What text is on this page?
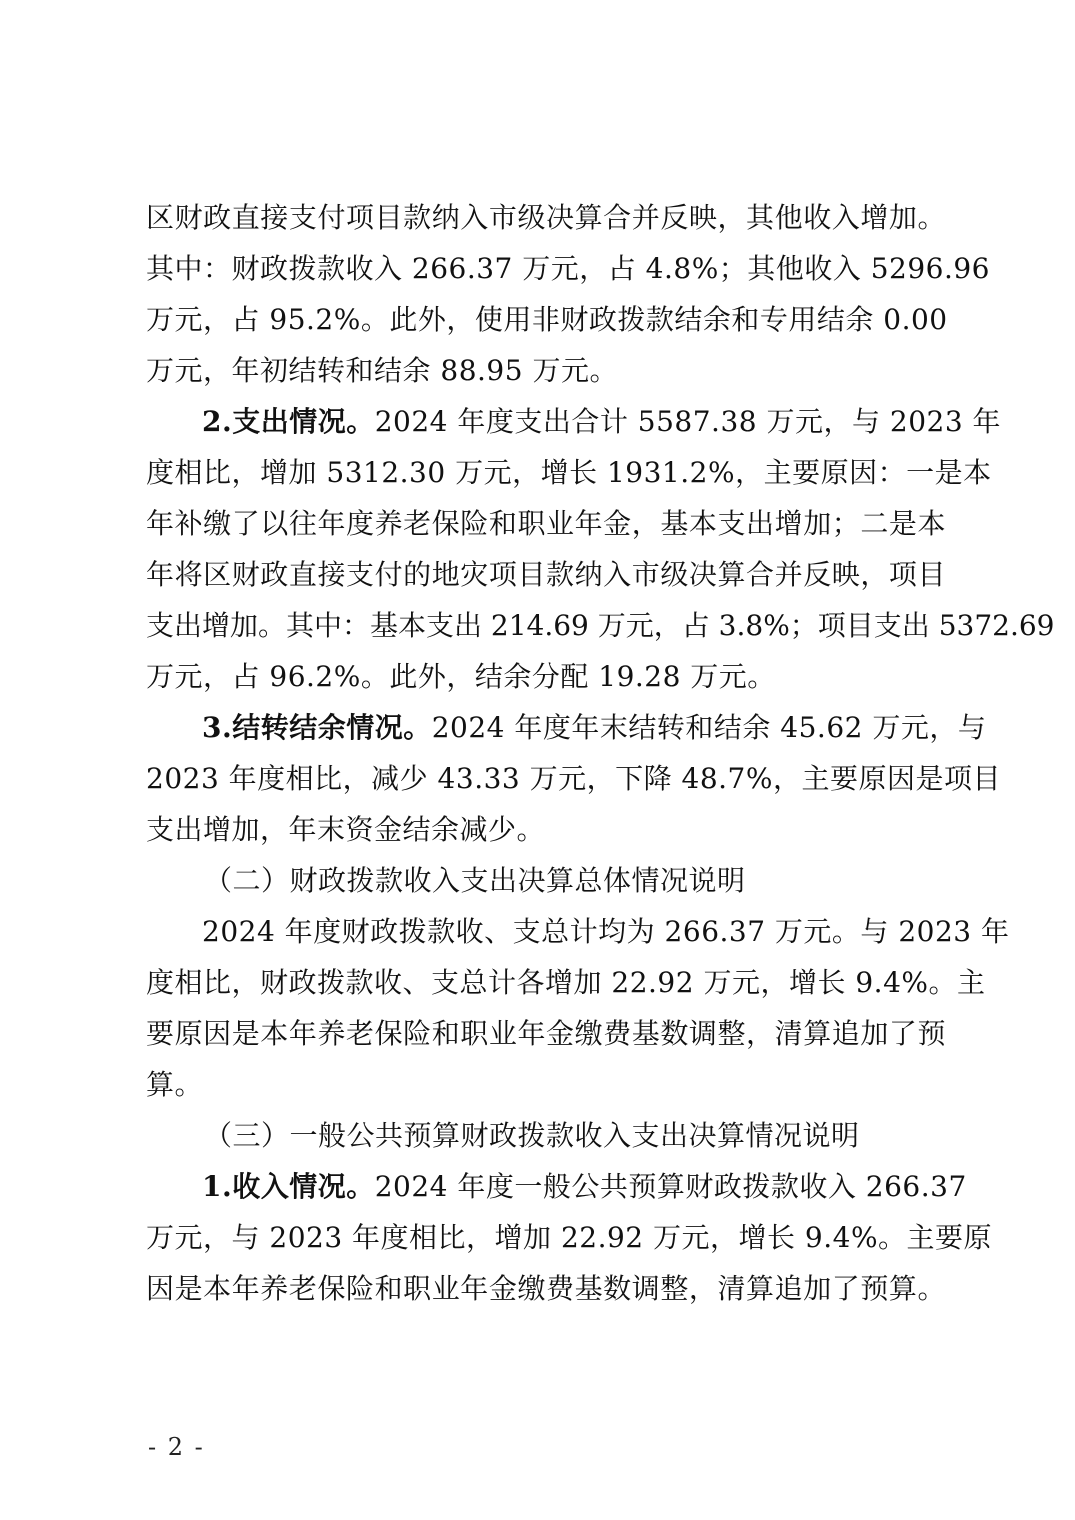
区财政直接支付项目款纳入市级决算合并反映，其他收入增加。
其中：财政拨款收入 266.37 万元，占 4.8%；其他收入 5296.96
万元，占 95.2%。此外，使用非财政拨款结余和专用结余 0.00
万元，年初结转和结余 88.95 万元。
2.支出情况。2024 年度支出合计 5587.38 万元，与 2023 年
度相比，增加 5312.30 万元，增长 1931.2%，主要原因：一是本
年补缴了以往年度养老保险和职业年金，基本支出增加；二是本
年将区财政直接支付的地灾项目款纳入市级决算合并反映，项目
支出增加。其中：基本支出 214.69 万元，占 3.8%；项目支出 5372.69
万元，占 96.2%。此外，结余分配 19.28 万元。
3.结转结余情况。2024 年度年末结转和结余 45.62 万元，与
2023 年度相比，减少 43.33 万元，下降 48.7%，主要原因是项目
支出增加，年末资金结余减少。
（二）财政拨款收入支出决算总体情况说明
2024 年度财政拨款收、支总计均为 266.37 万元。与 2023 年
度相比，财政拨款收、支总计各增加 22.92 万元，增长 9.4%。主
要原因是本年养老保险和职业年金缴费基数调整，清算追加了预
算。
（三）一般公共预算财政拨款收入支出决算情况说明
1.收入情况。2024 年度一般公共预算财政拨款收入 266.37
万元，与 2023 年度相比，增加 22.92 万元，增长 9.4%。主要原
因是本年养老保险和职业年金缴费基数调整，清算追加了预算。
- 2 -
